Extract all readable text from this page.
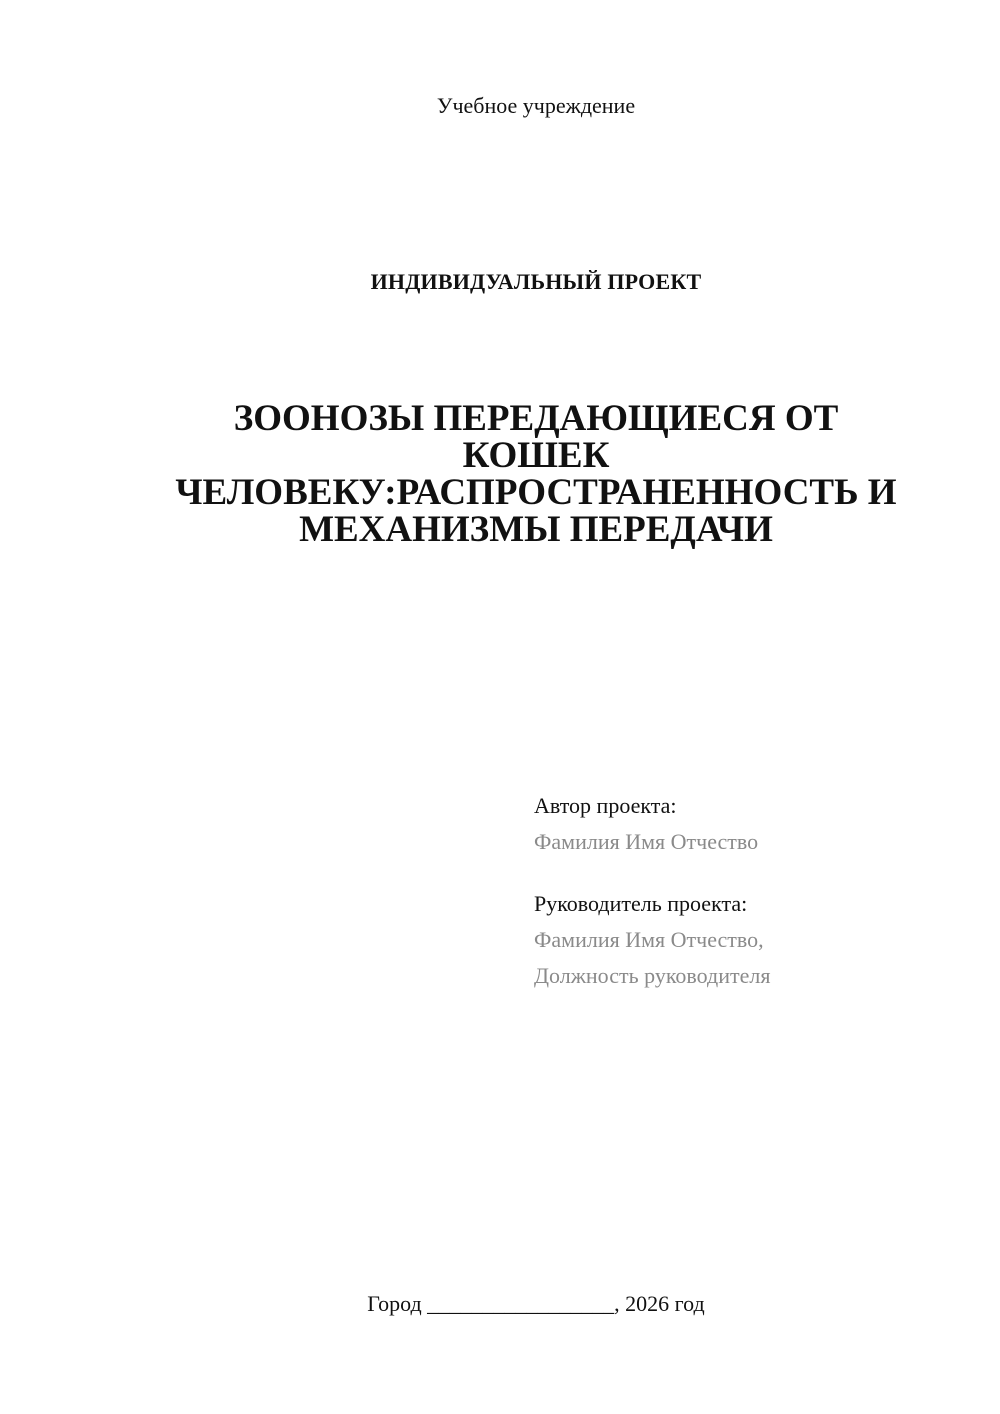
Учебное учреждение
ИНДИВИДУАЛЬНЫЙ ПРОЕКТ
ЗООНОЗЫ ПЕРЕДАЮЩИЕСЯ ОТ
КОШЕК
ЧЕЛОВЕКУ:РАСПРОСТРАНЕННОСТЬ И
МЕХАНИЗМЫ ПЕРЕДАЧИ
Автор проекта:
Фамилия Имя Отчество
Руководитель проекта:
Фамилия Имя Отчество,
Должность руководителя
Город _________________, 2026 год
